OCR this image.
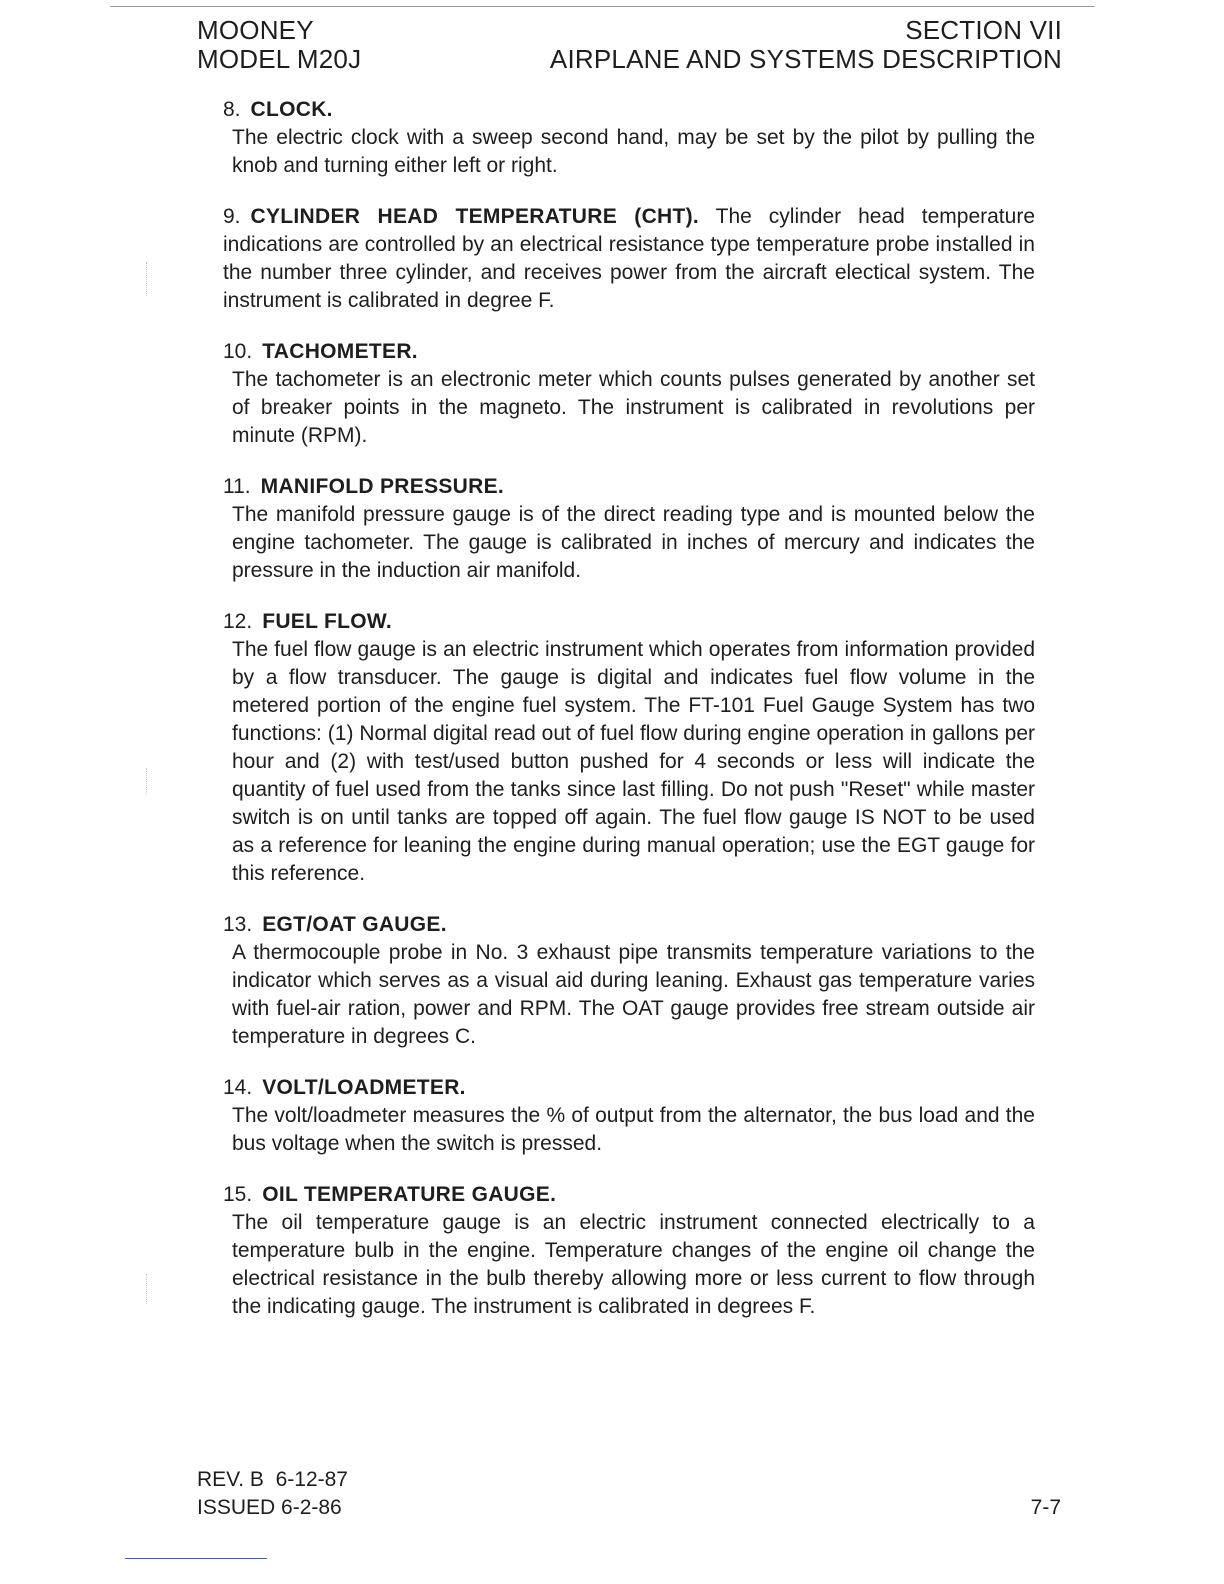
MOONEY
MODEL M20J
SECTION VII
AIRPLANE AND SYSTEMS DESCRIPTION

8. CLOCK.

The electric clock with a sweep second hand, may be set by the pilot by pulling the knob and turning either left or right.

9. CYLINDER HEAD TEMPERATURE (CHT). The cylinder head temperature indications are controlled by an electrical resistance type temperature probe installed in the number three cylinder, and receives power from the aircraft electical system. The instrument is calibrated in degree F.

10. TACHOMETER.

The tachometer is an electronic meter which counts pulses generated by another set of breaker points in the magneto. The instrument is calibrated in revolutions per minute (RPM).

11. MANIFOLD PRESSURE.

The manifold pressure gauge is of the direct reading type and is mounted below the engine tachometer. The gauge is calibrated in inches of mercury and indicates the pressure in the induction air manifold.

12. FUEL FLOW.

The fuel flow gauge is an electric instrument which operates from information provided by a flow transducer. The gauge is digital and indicates fuel flow volume in the metered portion of the engine fuel system. The FT-101 Fuel Gauge System has two functions: (1) Normal digital read out of fuel flow during engine operation in gallons per hour and (2) with test/used button pushed for 4 seconds or less will indicate the quantity of fuel used from the tanks since last filling. Do not push "Reset" while master switch is on until tanks are topped off again. The fuel flow gauge IS NOT to be used as a reference for leaning the engine during manual operation; use the EGT gauge for this reference.

13. EGT/OAT GAUGE.

A thermocouple probe in No. 3 exhaust pipe transmits temperature variations to the indicator which serves as a visual aid during leaning. Exhaust gas temperature varies with fuel-air ration, power and RPM. The OAT gauge provides free stream outside air temperature in degrees C.

14. VOLT/LOADMETER.

The volt/loadmeter measures the % of output from the alternator, the bus load and the bus voltage when the switch is pressed.

15. OIL TEMPERATURE GAUGE.

The oil temperature gauge is an electric instrument connected electrically to a temperature bulb in the engine. Temperature changes of the engine oil change the electrical resistance in the bulb thereby allowing more or less current to flow through the indicating gauge. The instrument is calibrated in degrees F.

REV. B  6-12-87
ISSUED 6-2-86	7-7
